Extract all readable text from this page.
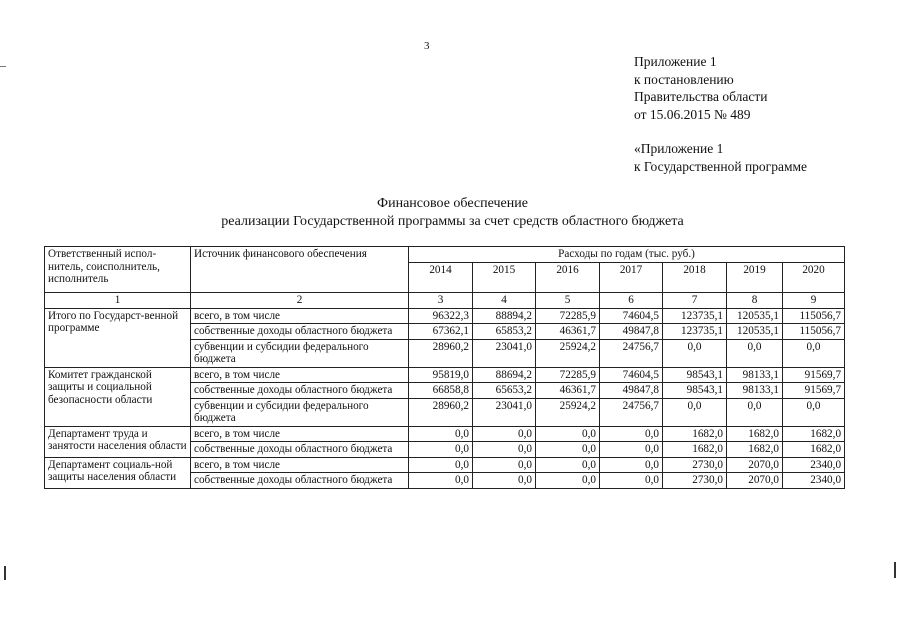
3
Приложение 1
к постановлению
Правительства области
от 15.06.2015 № 489
«Приложение 1
к Государственной программе
Финансовое обеспечение
реализации Государственной программы за счет средств областного бюджета
Ответственный испол-нитель, соисполнитель, исполнитель	Источник финансового обеспечения	Расходы по годам (тыс. руб.)						
		2014	2015	2016	2017	2018	2019	2020
1	2	3	4	5	6	7	8	9
Итого по Государст-венной программе	всего, в том числе	96322,3	88894,2	72285,9	74604,5	123735,1	120535,1	115056,7
	собственные доходы областного бюджета	67362,1	65853,2	46361,7	49847,8	123735,1	120535,1	115056,7
	субвенции и субсидии федерального бюджета	28960,2	23041,0	25924,2	24756,7	0,0	0,0	0,0
Комитет гражданской защиты и социальной безопасности области	всего, в том числе	95819,0	88694,2	72285,9	74604,5	98543,1	98133,1	91569,7
	собственные доходы областного бюджета	66858,8	65653,2	46361,7	49847,8	98543,1	98133,1	91569,7
	субвенции и субсидии федерального бюджета	28960,2	23041,0	25924,2	24756,7	0,0	0,0	0,0
Департамент труда и занятости населения области	всего, в том числе	0,0	0,0	0,0	0,0	1682,0	1682,0	1682,0
	собственные доходы областного бюджета	0,0	0,0	0,0	0,0	1682,0	1682,0	1682,0
Департамент социаль-ной защиты населения области	всего, в том числе	0,0	0,0	0,0	0,0	2730,0	2070,0	2340,0
	собственные доходы областного бюджета	0,0	0,0	0,0	0,0	2730,0	2070,0	2340,0
